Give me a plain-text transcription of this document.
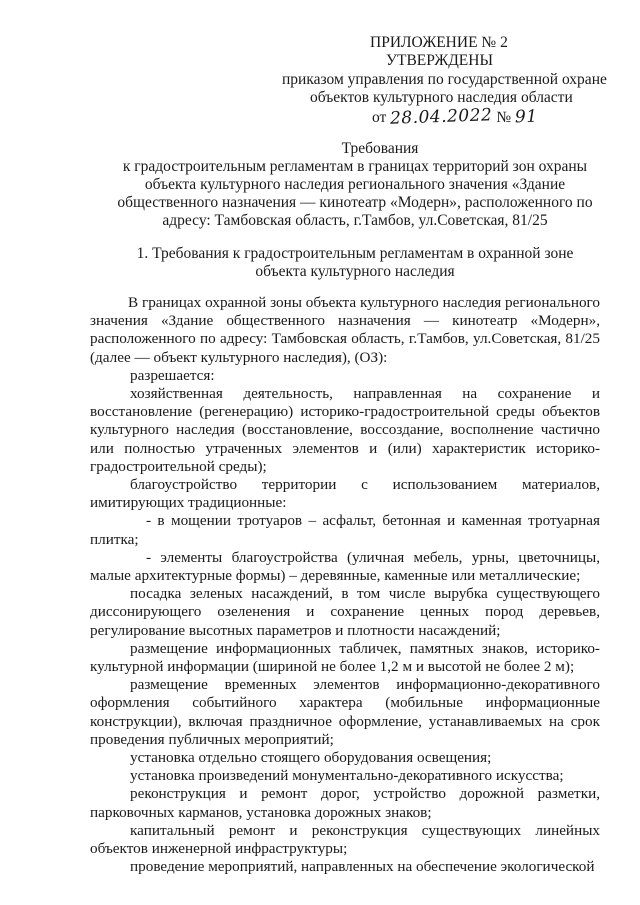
ПРИЛОЖЕНИЕ № 2
УТВЕРЖДЕНЫ
приказом управления по государственной охране
объектов культурного наследия области
от 28.04.2022 № 91
Требования
к градостроительным регламентам в границах территорий зон охраны
объекта культурного наследия регионального значения «Здание
общественного назначения — кинотеатр «Модерн», расположенного по
адресу: Тамбовская область, г.Тамбов, ул.Советская, 81/25
1. Требования к градостроительным регламентам в охранной зоне
объекта культурного наследия

В границах охранной зоны объекта культурного наследия регионального значения «Здание общественного назначения — кинотеатр «Модерн», расположенного по адресу: Тамбовская область, г.Тамбов, ул.Советская, 81/25 (далее — объект культурного наследия), (ОЗ):

разрешается:

хозяйственная деятельность, направленная на сохранение и восстановление (регенерацию) историко-градостроительной среды объектов культурного наследия (восстановление, воссоздание, восполнение частично или полностью утраченных элементов и (или) характеристик историко-градостроительной среды);

благоустройство территории с использованием материалов, имитирующих традиционные:

- в мощении тротуаров – асфальт, бетонная и каменная тротуарная плитка;

- элементы благоустройства (уличная мебель, урны, цветочницы, малые архитектурные формы) – деревянные, каменные или металлические;

посадка зеленых насаждений, в том числе вырубка существующего диссонирующего озеленения и сохранение ценных пород деревьев, регулирование высотных параметров и плотности насаждений;

размещение информационных табличек, памятных знаков, историко-культурной информации (шириной не более 1,2 м и высотой не более 2 м);

размещение временных элементов информационно-декоративного оформления событийного характера (мобильные информационные конструкции), включая праздничное оформление, устанавливаемых на срок проведения публичных мероприятий;

установка отдельно стоящего оборудования освещения;

установка произведений монументально-декоративного искусства;

реконструкция и ремонт дорог, устройство дорожной разметки, парковочных карманов, установка дорожных знаков;

капитальный ремонт и реконструкция существующих линейных объектов инженерной инфраструктуры;

проведение мероприятий, направленных на обеспечение экологической
